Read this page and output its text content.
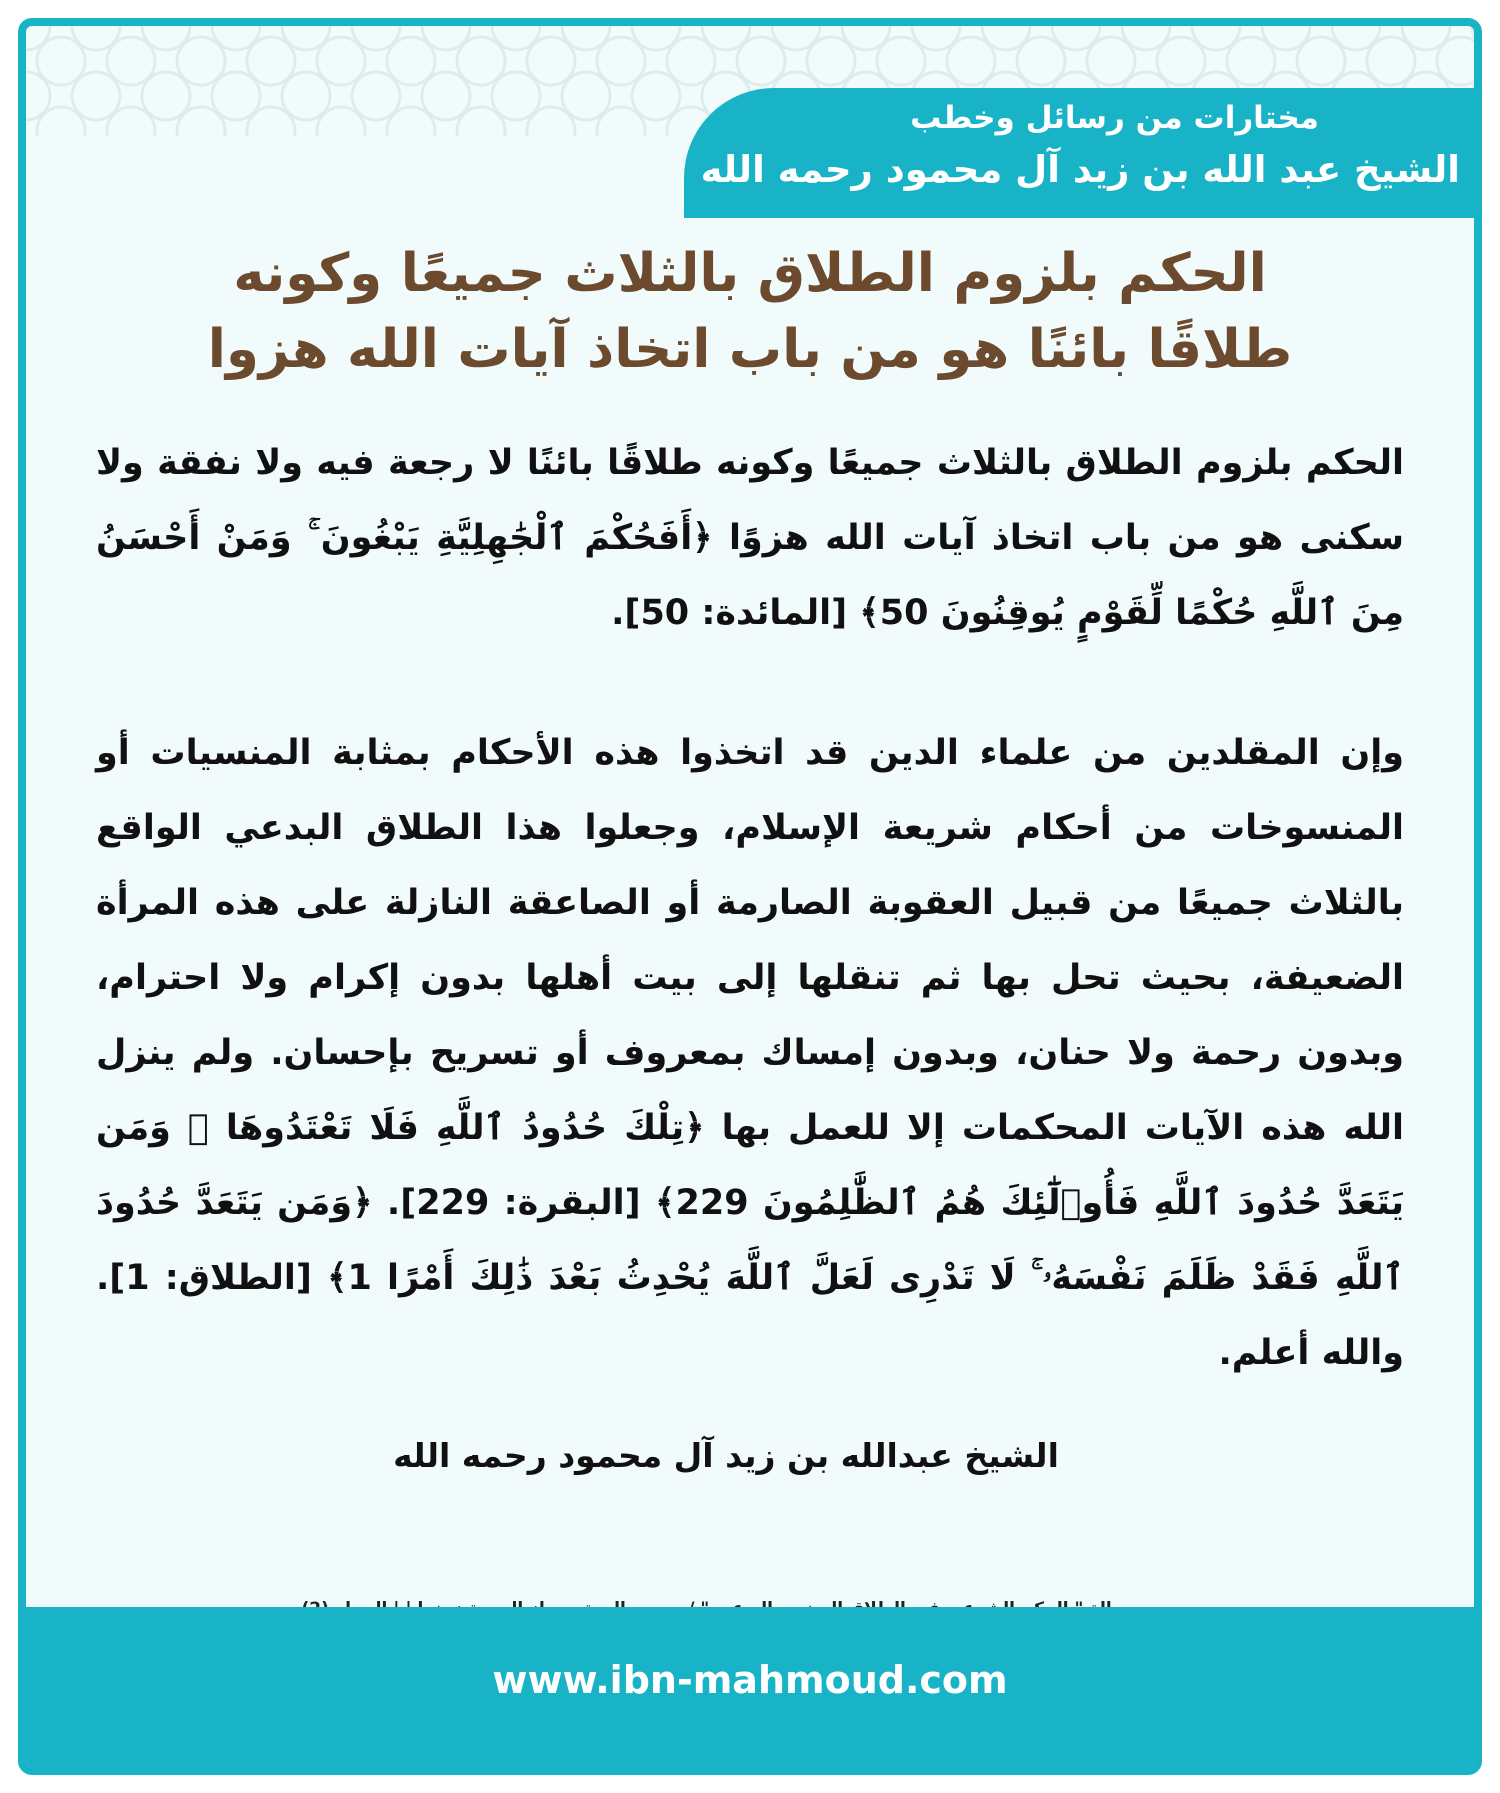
مختارات من رسائل وخطب
الشيخ عبد الله بن زيد آل محمود رحمه الله
الحكم بلزوم الطلاق بالثلاث جميعًا وكونه
طلاقًا بائنًا هو من باب اتخاذ آيات الله هزوا
الحكم بلزوم الطلاق بالثلاث جميعًا وكونه طلاقًا بائنًا لا رجعة فيه ولا نفقة ولا سكنى هو من باب اتخاذ آيات الله هزوًا ﴿أَفَحُكْمَ ٱلْجَٰهِلِيَّةِ يَبْغُونَ ۚ وَمَنْ أَحْسَنُ مِنَ ٱللَّهِ حُكْمًا لِّقَوْمٍ يُوقِنُونَ 50﴾ [المائدة: 50].
وإن المقلدين من علماء الدين قد اتخذوا هذه الأحكام بمثابة المنسيات أو المنسوخات من أحكام شريعة الإسلام، وجعلوا هذا الطلاق البدعي الواقع بالثلاث جميعًا من قبيل العقوبة الصارمة أو الصاعقة النازلة على هذه المرأة الضعيفة، بحيث تحل بها ثم تنقلها إلى بيت أهلها بدون إكرام ولا احترام، وبدون رحمة ولا حنان، وبدون إمساك بمعروف أو تسريح بإحسان. ولم ينزل الله هذه الآيات المحكمات إلا للعمل بها ﴿تِلْكَ حُدُودُ ٱللَّهِ فَلَا تَعْتَدُوهَا ۚ وَمَن يَتَعَدَّ حُدُودَ ٱللَّهِ فَأُو۟لَٰٓئِكَ هُمُ ٱلظَّٰلِمُونَ 229﴾ [البقرة: 229]. ﴿وَمَن يَتَعَدَّ حُدُودَ ٱللَّهِ فَقَدْ ظَلَمَ نَفْسَهُۥ ۚ لَا تَدْرِى لَعَلَّ ٱللَّهَ يُحْدِثُ بَعْدَ ذَٰلِكَ أَمْرًا 1﴾ [الطلاق: 1]. والله أعلم.
الشيخ عبدالله بن زيد آل محمود رحمه الله
www.ibn-mahmoud.com
